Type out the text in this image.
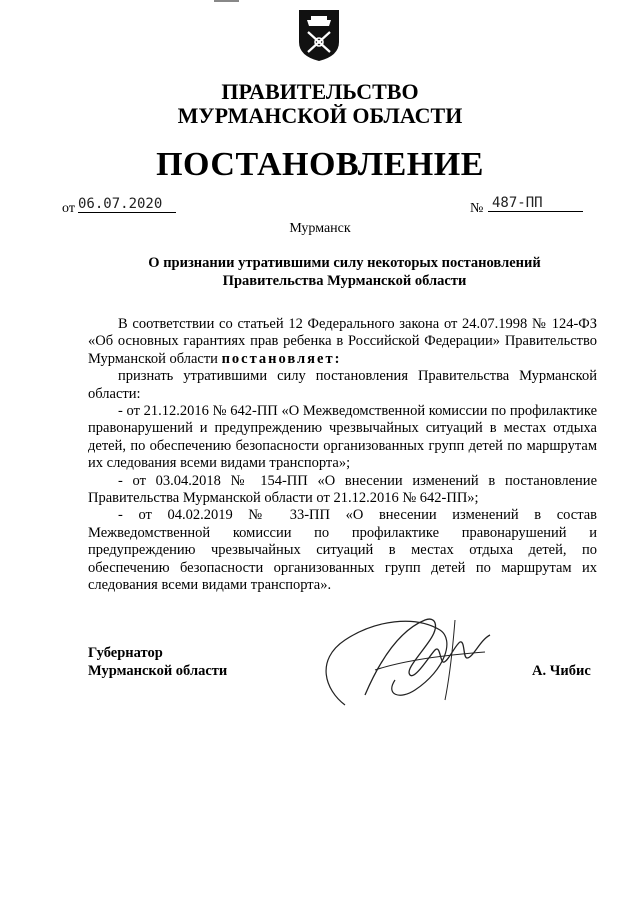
ПРАВИТЕЛЬСТВО
МУРМАНСКОЙ ОБЛАСТИ
ПОСТАНОВЛЕНИЕ
от 06.07.2020	№ 487-ПП
Мурманск
О признании утратившими силу некоторых постановлений
Правительства Мурманской области

В соответствии со статьей 12 Федерального закона от 24.07.1998 № 124-ФЗ «Об основных гарантиях прав ребенка в Российской Федерации» Правительство Мурманской области постановляет:

признать утратившими силу постановления Правительства Мурманской области:

- от 21.12.2016 № 642-ПП «О Межведомственной комиссии по профилактике правонарушений и предупреждению чрезвычайных ситуаций в местах отдыха детей, по обеспечению безопасности организованных групп детей по маршрутам их следования всеми видами транспорта»;

- от 03.04.2018 № 154-ПП «О внесении изменений в постановление Правительства Мурманской области от 21.12.2016 № 642-ПП»;

- от 04.02.2019 № 33-ПП «О внесении изменений в состав Межведомственной комиссии по профилактике правонарушений и предупреждению чрезвычайных ситуаций в местах отдыха детей, по обеспечению безопасности организованных групп детей по маршрутам их следования всеми видами транспорта».

Губернатор
Мурманской области	А. Чибис
